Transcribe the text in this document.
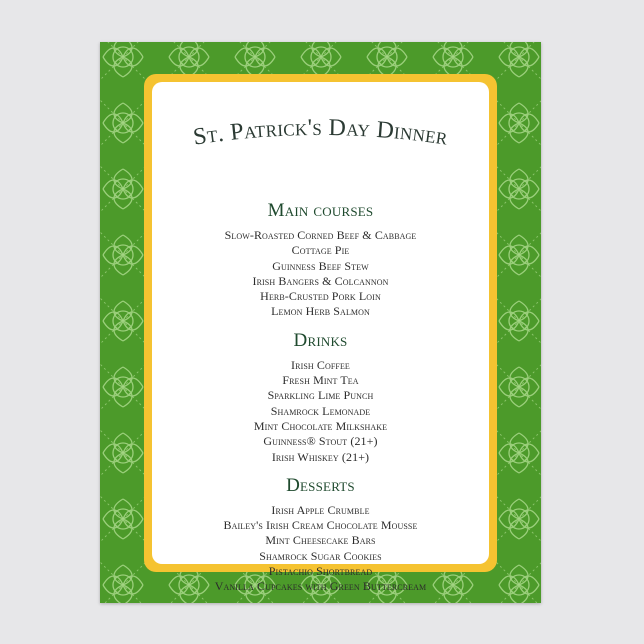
St. Patrick's Day Dinner
Main courses
Slow-Roasted Corned Beef & Cabbage
Cottage Pie
Guinness Beef Stew
Irish Bangers & Colcannon
Herb-Crusted Pork Loin
Lemon Herb Salmon
Drinks
Irish Coffee
Fresh Mint Tea
Sparkling Lime Punch
Shamrock Lemonade
Mint Chocolate Milkshake
Guinness® Stout (21+)
Irish Whiskey (21+)
Desserts
Irish Apple Crumble
Bailey's Irish Cream Chocolate Mousse
Mint Cheesecake Bars
Shamrock Sugar Cookies
Pistachio Shortbread
Vanilla Cupcakes with Green Buttercream
